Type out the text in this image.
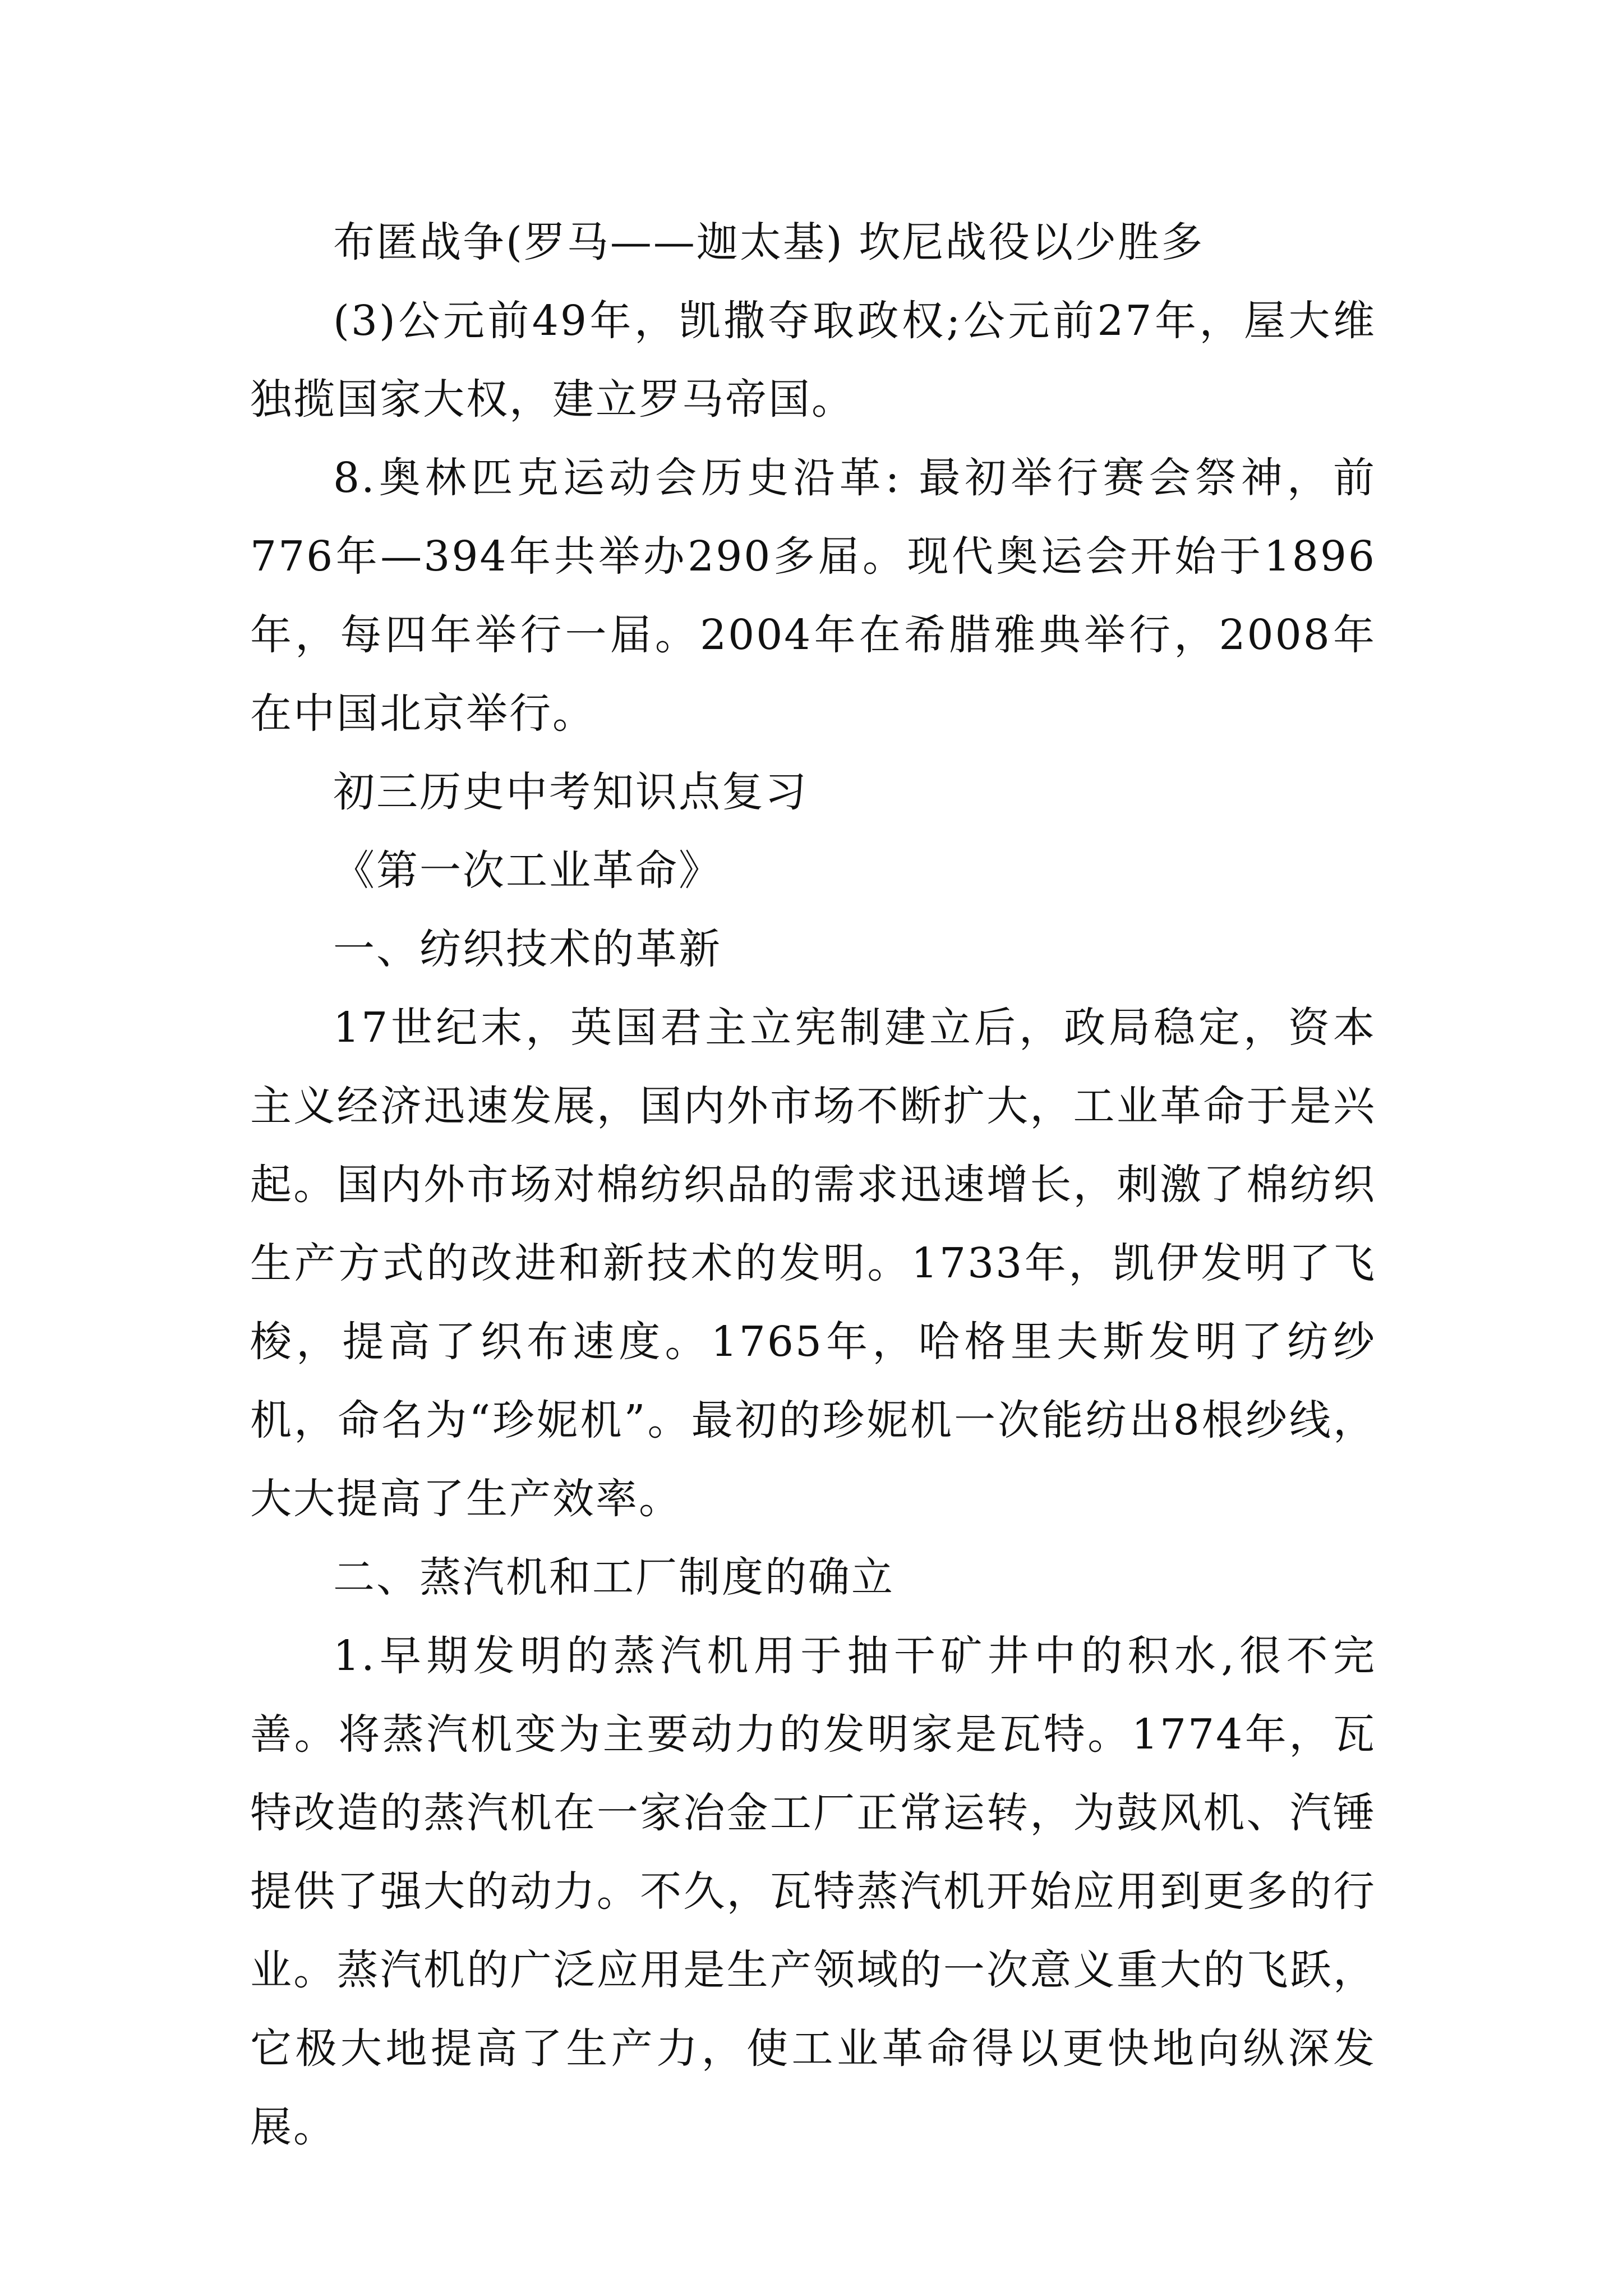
布匿战争(罗马——迦太基) 坎尼战役以少胜多

(3)公元前49年，凯撒夺取政权;公元前27年，屋大维独揽国家大权，建立罗马帝国。

8.奥林匹克运动会历史沿革: 最初举行赛会祭神，前776年—394年共举办290多届。现代奥运会开始于1896年，每四年举行一届。2004年在希腊雅典举行，2008年在中国北京举行。

初三历史中考知识点复习

《第一次工业革命》

一、纺织技术的革新

17世纪末，英国君主立宪制建立后，政局稳定，资本主义经济迅速发展，国内外市场不断扩大，工业革命于是兴起。国内外市场对棉纺织品的需求迅速增长，刺激了棉纺织生产方式的改进和新技术的发明。1733年，凯伊发明了飞梭，提高了织布速度。1765年，哈格里夫斯发明了纺纱机，命名为“珍妮机”。最初的珍妮机一次能纺出8根纱线，大大提高了生产效率。

二、蒸汽机和工厂制度的确立

1.早期发明的蒸汽机用于抽干矿井中的积水,很不完善。将蒸汽机变为主要动力的发明家是瓦特。1774年，瓦特改造的蒸汽机在一家冶金工厂正常运转，为鼓风机、汽锤提供了强大的动力。不久，瓦特蒸汽机开始应用到更多的行业。蒸汽机的广泛应用是生产领域的一次意义重大的飞跃，它极大地提高了生产力，使工业革命得以更快地向纵深发展。
